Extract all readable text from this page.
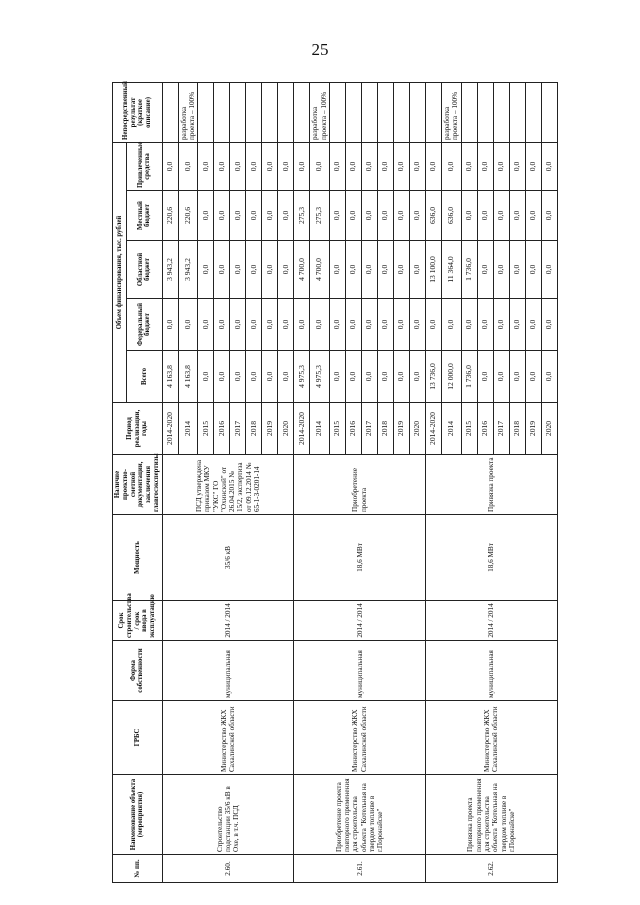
25
№ пп.	Наименование объекта (мероприятия)	ГРБС	Форма собственности	Срок строительства / срок ввода в эксплуатацию	Мощность	Наличие проектно-сметной документации, заключения главгосэкспертизы	Период реализации, годы	Объем финансирования, тыс. рублей					Непосредственный результат (краткое описание)
								Всего	Федеральный бюджет	Областной бюджет	Местный бюджет	Привлеченные средства	
2.60.	Строительство подстанции 35/6 кВ в Охе, в т.ч. ПСД	Министерство ЖКХ Сахалинской области	муниципальная	2014 / 2014	35/6 кВ	ПСД утверждена приказом МКУ "УКС" ГО "Охинский" от 26.04.2015 № 15/2, экспертиза от 09.12.2014 № 65-1-3-0201-14	2014-2020	4 163,8	0,0	3 943,2	220,6	0,0	
							2014	4 163,8	0,0	3 943,2	220,6	0,0	разработка проекта – 100%
							2015	0,0	0,0	0,0	0,0	0,0	
							2016	0,0	0,0	0,0	0,0	0,0	
							2017	0,0	0,0	0,0	0,0	0,0	
							2018	0,0	0,0	0,0	0,0	0,0	
							2019	0,0	0,0	0,0	0,0	0,0	
							2020	0,0	0,0	0,0	0,0	0,0	
2.61.	Приобретение проекта повторного применения для строительства объекта "Котельная на твердом топливе в г.Поронайске"	Министерство ЖКХ Сахалинской области	муниципальная	2014 / 2014	18,6 МВт	Приобретение проекта	2014-2020	4 975,3	0,0	4 700,0	275,3	0,0	
							2014	4 975,3	0,0	4 700,0	275,3	0,0	разработка проекта – 100%
							2015	0,0	0,0	0,0	0,0	0,0	
							2016	0,0	0,0	0,0	0,0	0,0	
							2017	0,0	0,0	0,0	0,0	0,0	
							2018	0,0	0,0	0,0	0,0	0,0	
							2019	0,0	0,0	0,0	0,0	0,0	
							2020	0,0	0,0	0,0	0,0	0,0	
2.62.	Привязка проекта повторного применения для строительства объекта "Котельная на твердом топливе в г.Поронайске"	Министерство ЖКХ Сахалинской области	муниципальная	2014 / 2014	18,6 МВт	Привязка проекта	2014-2020	13 736,0	0,0	13 100,0	636,0	0,0	
							2014	12 000,0	0,0	11 364,0	636,0	0,0	разработка проекта – 100%
							2015	1 736,0	0,0	1 736,0	0,0	0,0	
							2016	0,0	0,0	0,0	0,0	0,0	
							2017	0,0	0,0	0,0	0,0	0,0	
							2018	0,0	0,0	0,0	0,0	0,0	
							2019	0,0	0,0	0,0	0,0	0,0	
							2020	0,0	0,0	0,0	0,0	0,0	
